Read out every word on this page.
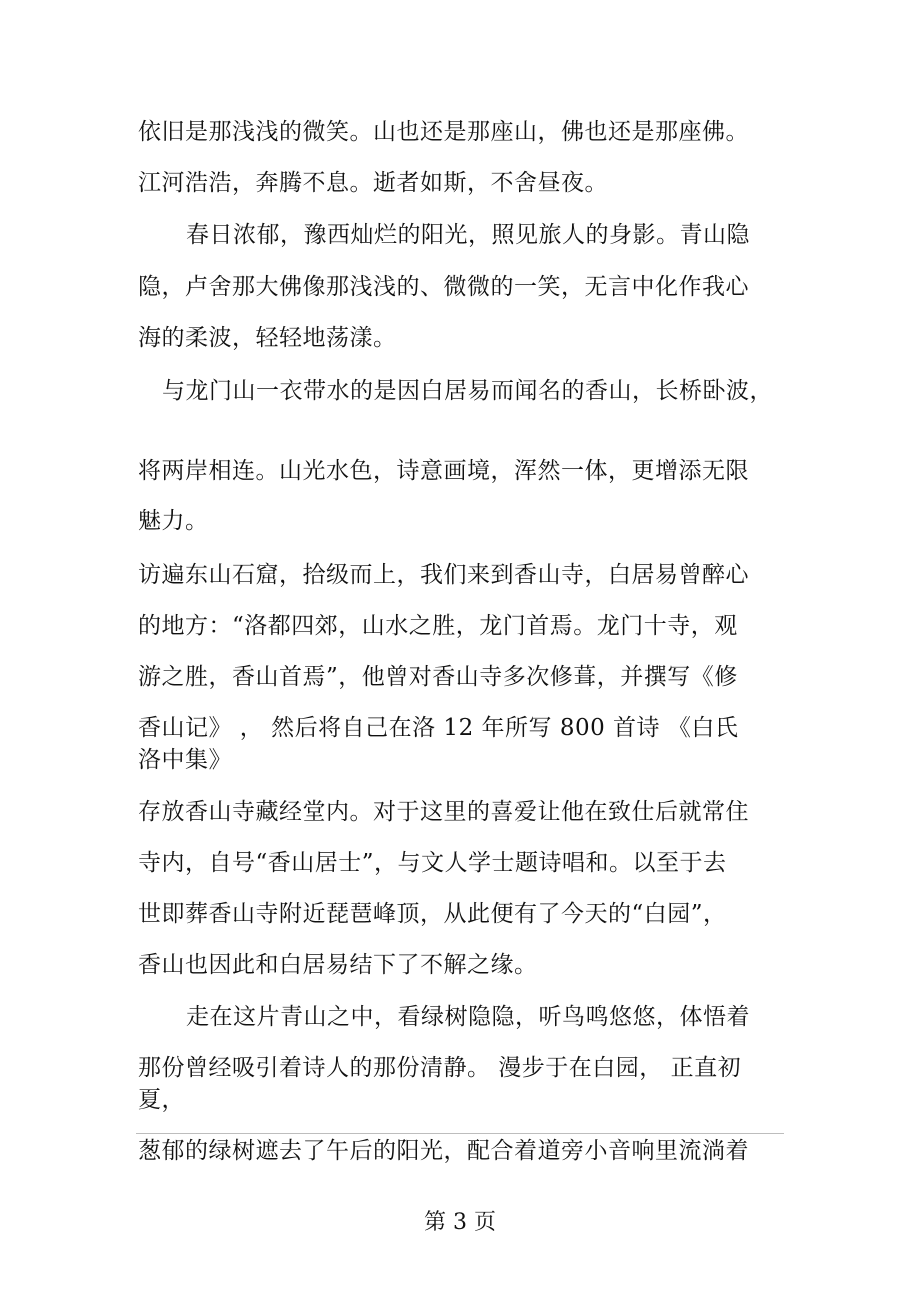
依旧是那浅浅的微笑。山也还是那座山，佛也还是那座佛。
江河浩浩，奔腾不息。逝者如斯，不舍昼夜。
春日浓郁，豫西灿烂的阳光，照见旅人的身影。青山隐
隐，卢舍那大佛像那浅浅的、微微的一笑，无言中化作我心
海的柔波，轻轻地荡漾。
与龙门山一衣带水的是因白居易而闻名的香山，长桥卧波，
将两岸相连。山光水色，诗意画境，浑然一体，更增添无限
魅力。
访遍东山石窟，拾级而上，我们来到香山寺，白居易曾醉心
的地方：“洛都四郊，山水之胜，龙门首焉。龙门十寺，观
游之胜，香山首焉”，他曾对香山寺多次修葺，并撰写《修
香山记》 ， 然后将自己在洛 12 年所写 800 首诗 《白氏
洛中集》
存放香山寺藏经堂内。对于这里的喜爱让他在致仕后就常住
寺内，自号“香山居士”，与文人学士题诗唱和。以至于去
世即葬香山寺附近琵琶峰顶，从此便有了今天的“白园”，
香山也因此和白居易结下了不解之缘。
走在这片青山之中，看绿树隐隐，听鸟鸣悠悠，体悟着
那份曾经吸引着诗人的那份清静。 漫步于在白园， 正直初
夏，
葱郁的绿树遮去了午后的阳光，配合着道旁小音响里流淌着
第 3 页
